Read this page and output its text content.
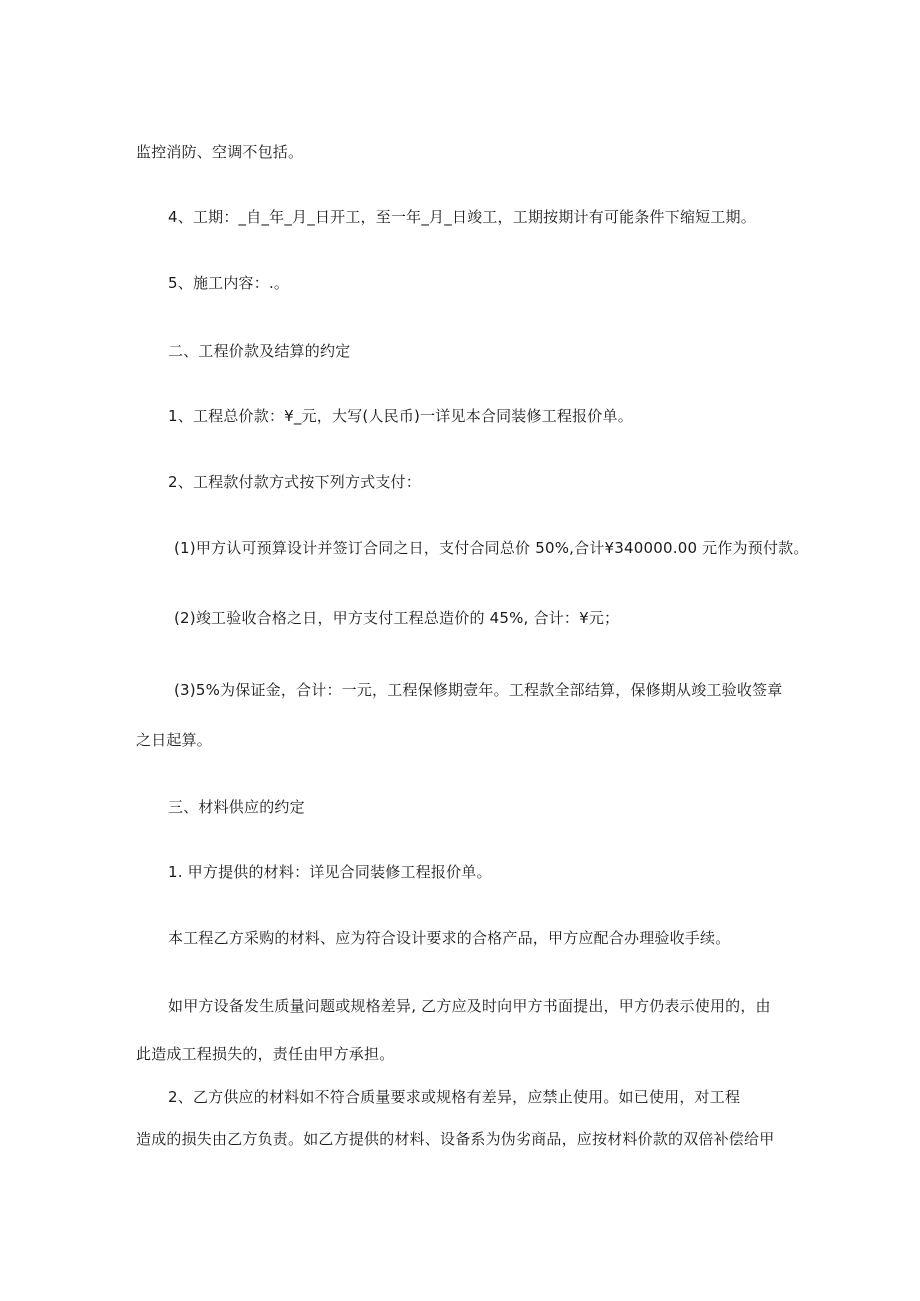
监控消防、空调不包括。
4、工期：_自_年_月_日开工，至一年_月_日竣工，工期按期计有可能条件下缩短工期。
5、施工内容：.。
二、工程价款及结算的约定
1、工程总价款：¥_元，大写(人民币)一详见本合同装修工程报价单。
2、工程款付款方式按下列方式支付：
(1)甲方认可预算设计并签订合同之日，支付合同总价 50%,合计¥340000.00 元作为预付款。
(2)竣工验收合格之日，甲方支付工程总造价的 45%, 合计：¥元；
(3)5%为保证金，合计：一元，工程保修期壹年。工程款全部结算，保修期从竣工验收签章
之日起算。
三、材料供应的约定
1. 甲方提供的材料：详见合同装修工程报价单。
本工程乙方采购的材料、应为符合设计要求的合格产品，甲方应配合办理验收手续。
如甲方设备发生质量问题或规格差异, 乙方应及时向甲方书面提出，甲方仍表示使用的，由
此造成工程损失的，责任由甲方承担。
2、乙方供应的材料如不符合质量要求或规格有差异，应禁止使用。如已使用，对工程
造成的损失由乙方负责。如乙方提供的材料、设备系为伪劣商品，应按材料价款的双倍补偿给甲
